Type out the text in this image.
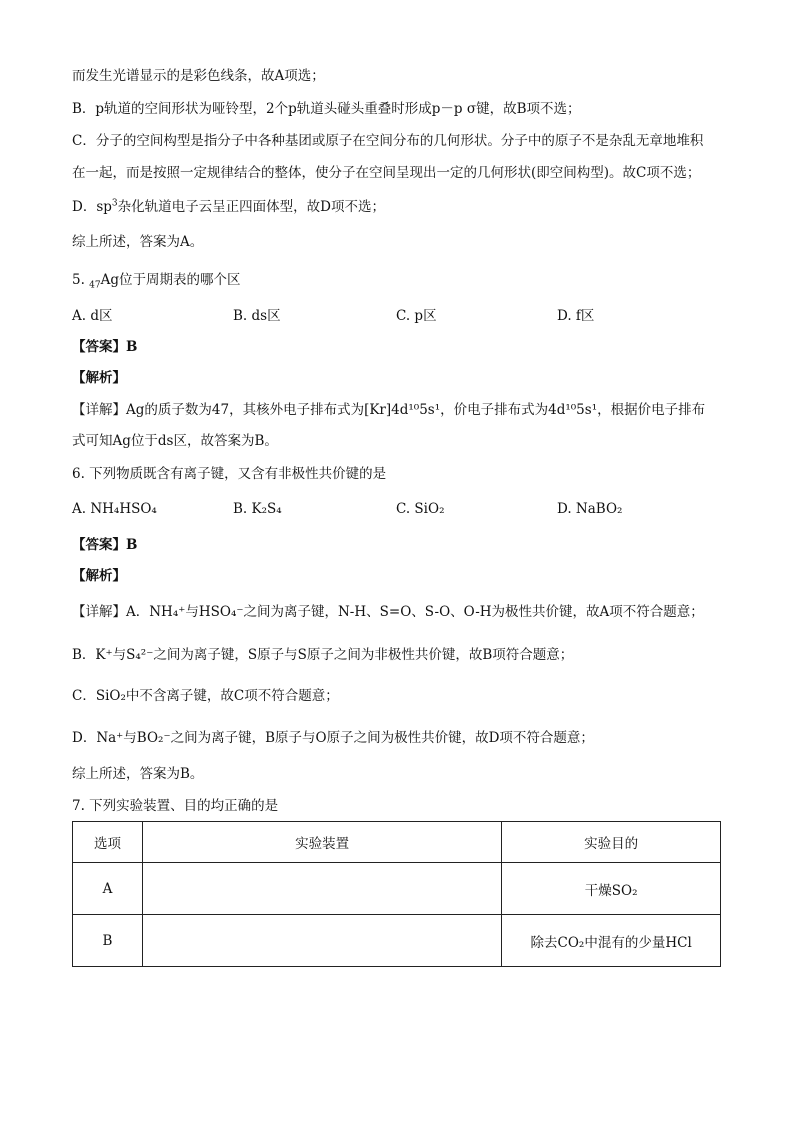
而发生光谱显示的是彩色线条，故A项选；
B．p轨道的空间形状为哑铃型，2个p轨道头碰头重叠时形成p－p σ键，故B项不选；
C．分子的空间构型是指分子中各种基团或原子在空间分布的几何形状。分子中的原子不是杂乱无章地堆积
在一起，而是按照一定规律结合的整体，使分子在空间呈现出一定的几何形状(即空间构型)。故C项不选；
D．$sp^3$杂化轨道电子云呈正四面体型，故D项不选；
综上所述，答案为A。
5. $_{47}$Ag位于周期表的哪个区
A. d区	B. ds区	C. p区	D. f区
【答案】B
【解析】
【详解】Ag的质子数为47，其核外电子排布式为[Kr]4d¹⁰5s¹，价电子排布式为4d¹⁰5s¹，根据价电子排布
式可知Ag位于ds区，故答案为B。
6. 下列物质既含有离子键，又含有非极性共价键的是
A. NH₄HSO₄	B. K₂S₄	C. SiO₂	D. NaBO₂
【答案】B
【解析】
【详解】A．NH₄⁺与HSO₄⁻之间为离子键，N-H、S=O、S-O、O-H为极性共价键，故A项不符合题意；
B．K⁺与S₄²⁻之间为离子键，S原子与S原子之间为非极性共价键，故B项符合题意；
C．SiO₂中不含离子键，故C项不符合题意；
D．Na⁺与BO₂⁻之间为离子键，B原子与O原子之间为极性共价键，故D项不符合题意；
综上所述，答案为B。
7. 下列实验装置、目的均正确的是
选项	实验装置	实验目的
A		干燥SO₂
B		除去CO₂中混有的少量HCl
